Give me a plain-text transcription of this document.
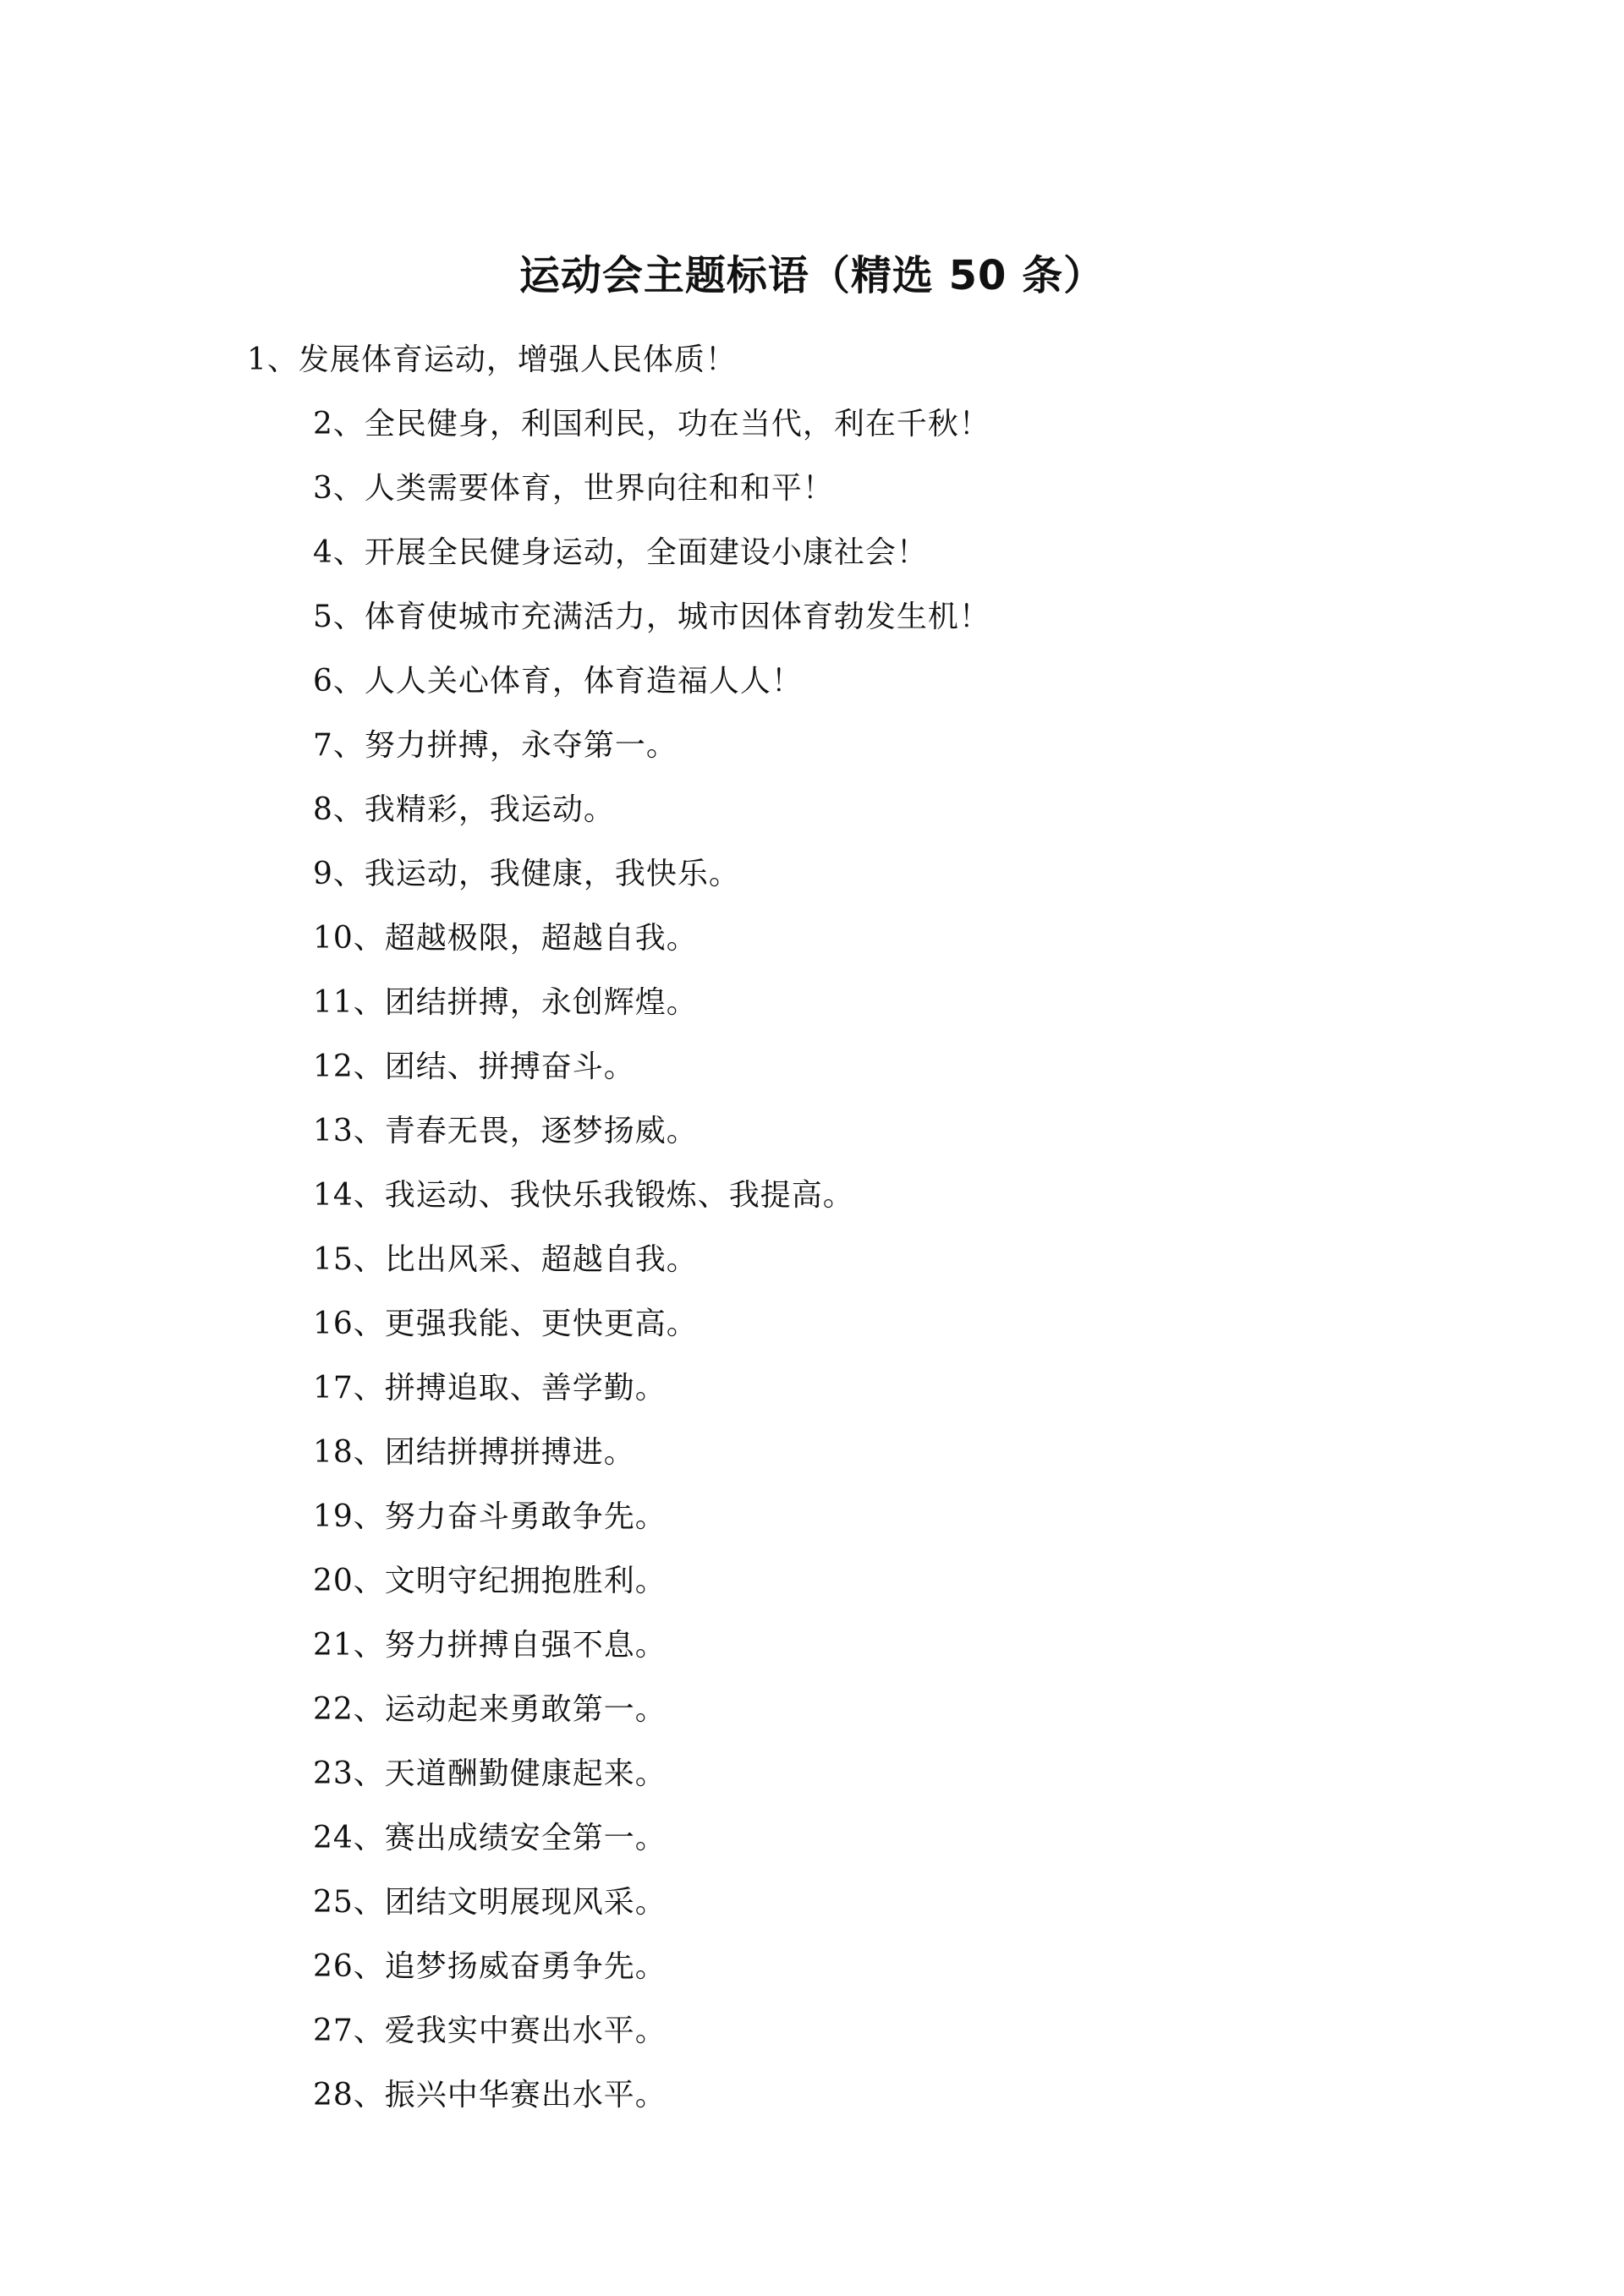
运动会主题标语（精选 50 条）
1、发展体育运动，增强人民体质！
2、全民健身，利国利民，功在当代，利在千秋！
3、人类需要体育，世界向往和和平！
4、开展全民健身运动，全面建设小康社会！
5、体育使城市充满活力，城市因体育勃发生机！
6、人人关心体育，体育造福人人！
7、努力拼搏，永夺第一。
8、我精彩，我运动。
9、我运动，我健康，我快乐。
10、超越极限，超越自我。
11、团结拼搏，永创辉煌。
12、团结、拼搏奋斗。
13、青春无畏，逐梦扬威。
14、我运动、我快乐我锻炼、我提高。
15、比出风采、超越自我。
16、更强我能、更快更高。
17、拼搏追取、善学勤。
18、团结拼搏拼搏进。
19、努力奋斗勇敢争先。
20、文明守纪拥抱胜利。
21、努力拼搏自强不息。
22、运动起来勇敢第一。
23、天道酬勤健康起来。
24、赛出成绩安全第一。
25、团结文明展现风采。
26、追梦扬威奋勇争先。
27、爱我实中赛出水平。
28、振兴中华赛出水平。
